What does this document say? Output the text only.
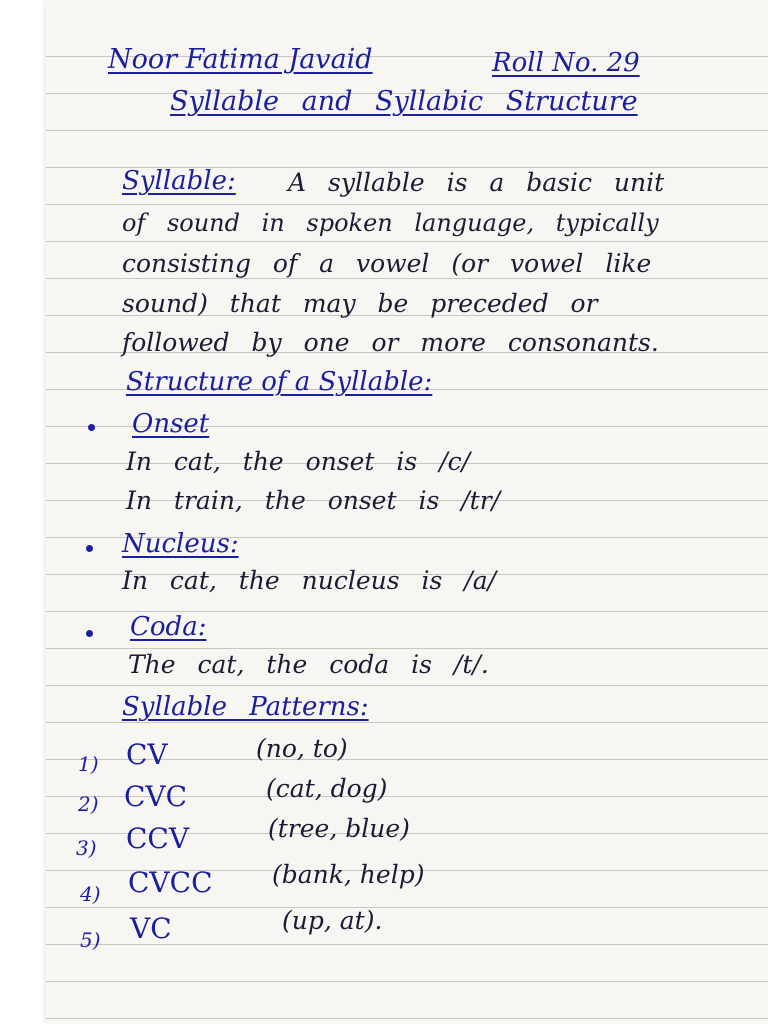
Noor Fatima Javaid	Roll No. 29
Syllable and Syllabic Structure
Syllable: A syllable is a basic unit
of sound in spoken language, typically
consisting of a vowel (or vowel like
sound) that may be preceded or
followed by one or more consonants.
Structure of a Syllable:
Onset
In cat, the onset is /c/
In train, the onset is /tr/
Nucleus:
In cat, the nucleus is /a/
Coda:
The cat, the coda is /t/.
Syllable Patterns:
1) CV	(no, to)
2) CVC	(cat, dog)
3) CCV	(tree, blue)
4) CVCC (bank, help)
5) VC	(up, at).
